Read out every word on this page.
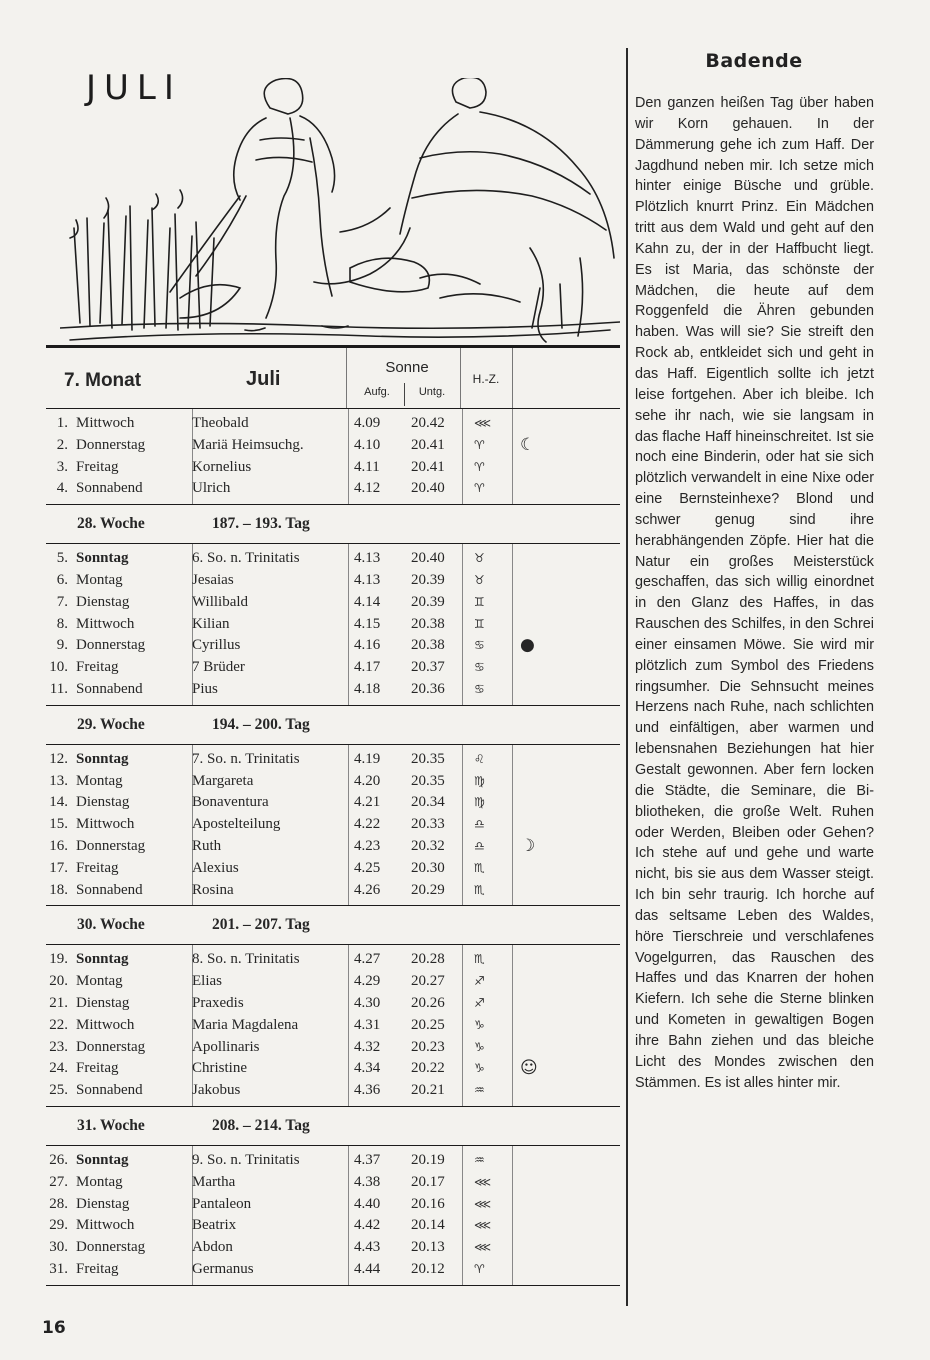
JULI
7. Monat	Juli
Sonne
Aufg.	Untg.
H.-Z.
1. Mittwoch	Theobald	4.09 20.42 ⋘
2. Donnerstag	Mariä Heimsuchg.	4.10 20.41 ♈ ☾
3. Freitag	Kornelius	4.11 20.41 ♈
4. Sonnabend	Ulrich	4.12 20.40 ♈
28. Woche	187. – 193. Tag
5. Sonntag	6. So. n. Trinitatis	4.13 20.40 ♉
6. Montag	Jesaias	4.13 20.39 ♉
7. Dienstag	Willibald	4.14 20.39 ♊
8. Mittwoch	Kilian	4.15 20.38 ♊
9. Donnerstag	Cyrillus	4.16 20.38 ♋ ●
10. Freitag	7 Brüder	4.17 20.37 ♋
11. Sonnabend	Pius	4.18 20.36 ♋
29. Woche	194. – 200. Tag
12. Sonntag	7. So. n. Trinitatis	4.19 20.35 ♌
13. Montag	Margareta	4.20 20.35 ♍
14. Dienstag	Bonaventura	4.21 20.34 ♍
15. Mittwoch	Apostelteilung	4.22 20.33 ♎
16. Donnerstag	Ruth	4.23 20.32 ♎ ☽
17. Freitag	Alexius	4.25 20.30 ♏
18. Sonnabend	Rosina	4.26 20.29 ♏
30. Woche	201. – 207. Tag
19. Sonntag	8. So. n. Trinitatis	4.27 20.28 ♏
20. Montag	Elias	4.29 20.27 ♐
21. Dienstag	Praxedis	4.30 20.26 ♐
22. Mittwoch	Maria Magdalena	4.31 20.25 ♑
23. Donnerstag	Apollinaris	4.32 20.23 ♑
24. Freitag	Christine	4.34 20.22 ♑ ☺
25. Sonnabend	Jakobus	4.36 20.21 ♒
31. Woche	208. – 214. Tag
26. Sonntag	9. So. n. Trinitatis	4.37 20.19 ♒
27. Montag	Martha	4.38 20.17 ⋘
28. Dienstag	Pantaleon	4.40 20.16 ⋘
29. Mittwoch	Beatrix	4.42 20.14 ⋘
30. Donnerstag	Abdon	4.43 20.13 ⋘
31. Freitag	Germanus	4.44 20.12 ♈
Badende

Den ganzen heißen Tag über haben wir Korn gehauen. In der Dämmerung gehe ich zum Haff. Der Jagdhund neben mir. Ich setze mich hinter einige Büsche und grüble. Plötzlich knurrt Prinz. Ein Mädchen tritt aus dem Wald und geht auf den Kahn zu, der in der Haffbucht liegt. Es ist Maria, das schönste der Mädchen, die heute auf dem Roggenfeld die Ähren gebunden haben. Was will sie? Sie streift den Rock ab, entkleidet sich und geht in das Haff. Eigentlich sollte ich jetzt leise fortgehen. Aber ich bleibe. Ich sehe ihr nach, wie sie langsam in das flache Haff hineinschreitet. Ist sie noch eine Binderin, oder hat sie sich plötzlich verwandelt in eine Nixe oder eine Bernsteinhexe? Blond und schwer genug sind ihre herabhängenden Zöpfe. Hier hat die Natur ein großes Meisterstück geschaffen, das sich willig einordnet in den Glanz des Haffes, in das Rauschen des Schilfes, in den Schrei einer einsamen Möwe. Sie wird mir plötzlich zum Symbol des Friedens ringsumher. Die Sehnsucht meines Herzens nach Ruhe, nach schlichten und einfältigen, aber warmen und lebensnahen Beziehungen hat hier Gestalt gewonnen. Aber fern locken die Städte, die Seminare, die Bibliotheken, die große Welt. Ruhen oder Werden, Bleiben oder Gehen? Ich stehe auf und gehe und warte nicht, bis sie aus dem Wasser steigt. Ich bin sehr traurig. Ich horche auf das seltsame Leben des Waldes, höre Tierschreie und verschlafenes Vogelgurren, das Rauschen des Haffes und das Knarren der hohen Kiefern. Ich sehe die Sterne blinken und Kometen in gewaltigen Bogen ihre Bahn ziehen und das bleiche Licht des Mondes zwischen den Stämmen. Es ist alles hinter mir.

16
